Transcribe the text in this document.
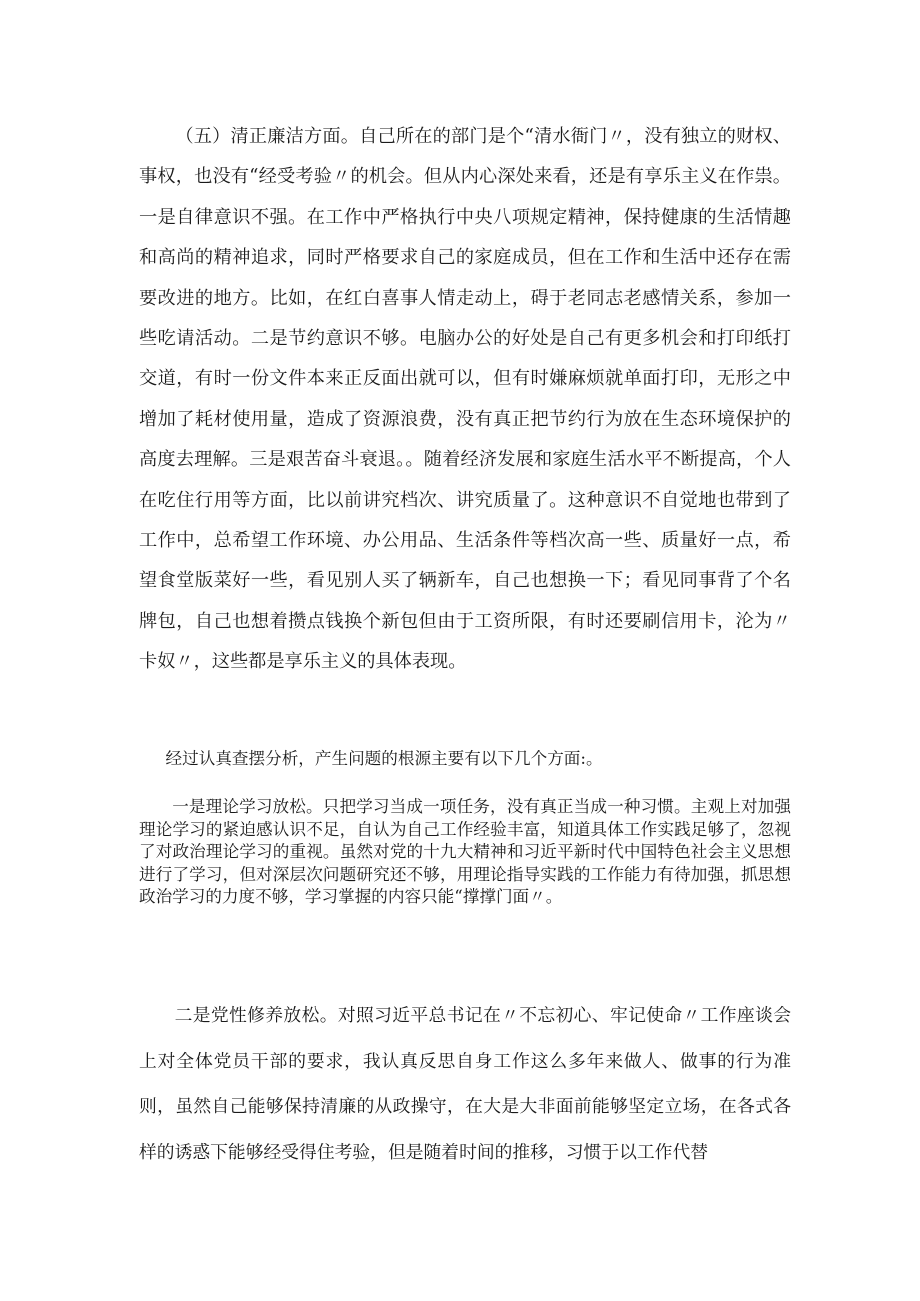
（五）清正廉洁方面。自己所在的部门是个“清水衙门〃，没有独立的财权、事权，也没有“经受考验〃的机会。但从内心深处来看，还是有享乐主义在作祟。一是自律意识不强。在工作中严格执行中央八项规定精神，保持健康的生活情趣和高尚的精神追求，同时严格要求自己的家庭成员，但在工作和生活中还存在需要改进的地方。比如，在红白喜事人情走动上，碍于老同志老感情关系，参加一些吃请活动。二是节约意识不够。电脑办公的好处是自己有更多机会和打印纸打交道，有时一份文件本来正反面出就可以，但有时嫌麻烦就单面打印，无形之中增加了耗材使用量，造成了资源浪费，没有真正把节约行为放在生态环境保护的高度去理解。三是艰苦奋斗衰退。。随着经济发展和家庭生活水平不断提高，个人在吃住行用等方面，比以前讲究档次、讲究质量了。这种意识不自觉地也带到了工作中，总希望工作环境、办公用品、生活条件等档次高一些、质量好一点，希望食堂版菜好一些，看见别人买了辆新车，自己也想换一下；看见同事背了个名牌包，自己也想着攒点钱换个新包但由于工资所限，有时还要刷信用卡，沦为〃卡奴〃，这些都是享乐主义的具体表现。

经过认真查摆分析，产生问题的根源主要有以下几个方面:。

一是理论学习放松。只把学习当成一项任务，没有真正当成一种习惯。主观上对加强理论学习的紧迫感认识不足，自认为自己工作经验丰富，知道具体工作实践足够了，忽视了对政治理论学习的重视。虽然对党的十九大精神和习近平新时代中国特色社会主义思想进行了学习，但对深层次问题研究还不够，用理论指导实践的工作能力有待加强，抓思想政治学习的力度不够，学习掌握的内容只能“撑撑门面〃。

二是党性修养放松。对照习近平总书记在〃不忘初心、牢记使命〃工作座谈会上对全体党员干部的要求，我认真反思自身工作这么多年来做人、做事的行为准则，虽然自己能够保持清廉的从政操守，在大是大非面前能够坚定立场，在各式各样的诱惑下能够经受得住考验，但是随着时间的推移，习惯于以工作代替
